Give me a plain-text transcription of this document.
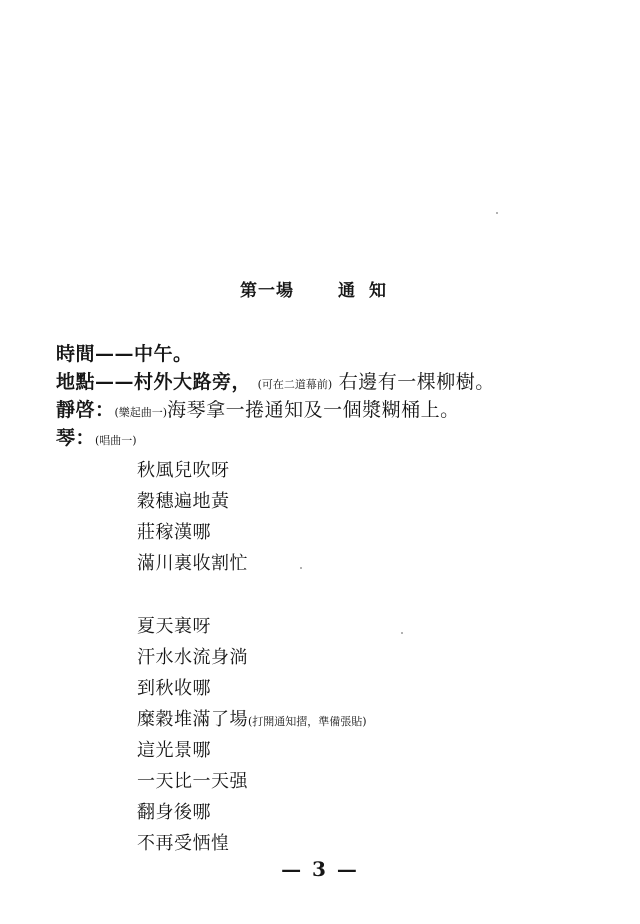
第一場	通知
時間——中午。
地點——村外大路旁， (可在二道幕前) 右邊有一棵柳樹。
靜啓：(樂起曲一)海琴拿一捲通知及一個漿糊桶上。
琴：(唱曲一)
秋風兒吹呀
穀穗遍地黃
莊稼漢哪
滿川裏收割忙
夏天裏呀
汗水水流身淌
到秋收哪
糜穀堆滿了場(打開通知摺，準備張貼)
這光景哪
一天比一天强
翻身後哪
不再受恓惶
— 3 —
